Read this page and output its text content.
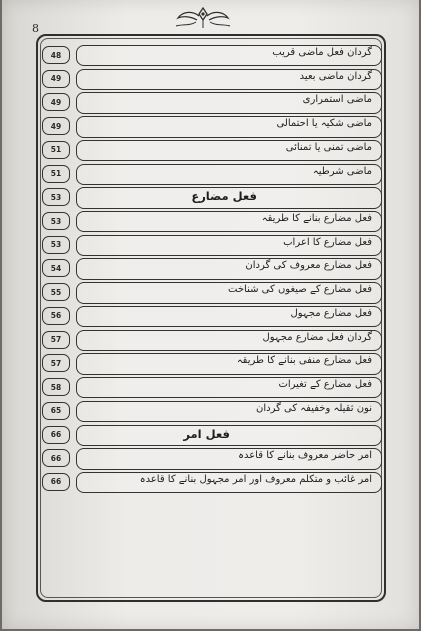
8
48	گردان فعل ماضی قریب
49	گردان ماضی بعید
49	ماضی استمراری
49	ماضی شکیہ یا احتمالی
51	ماضی تمنی یا تمنائی
51	ماضی شرطیہ
53	فعل مضارع
53	فعل مضارع بنانے کا طریقہ
53	فعل مضارع کا اعراب
54	فعل مضارع معروف کی گردان
55	فعل مضارع کے صیغوں کی شناخت
56	فعل مضارع مجہول
57	گردان فعل مضارع مجہول
57	فعل مضارع منفی بنانے کا طریقہ
58	فعل مضارع کے تغیرات
65	نون ثقیلہ وخفیفہ کی گردان
66	فعل امر
66	امر حاضر معروف بنانے کا قاعدہ
66	امر غائب و متکلم معروف اور امر مجہول بنانے کا قاعدہ
